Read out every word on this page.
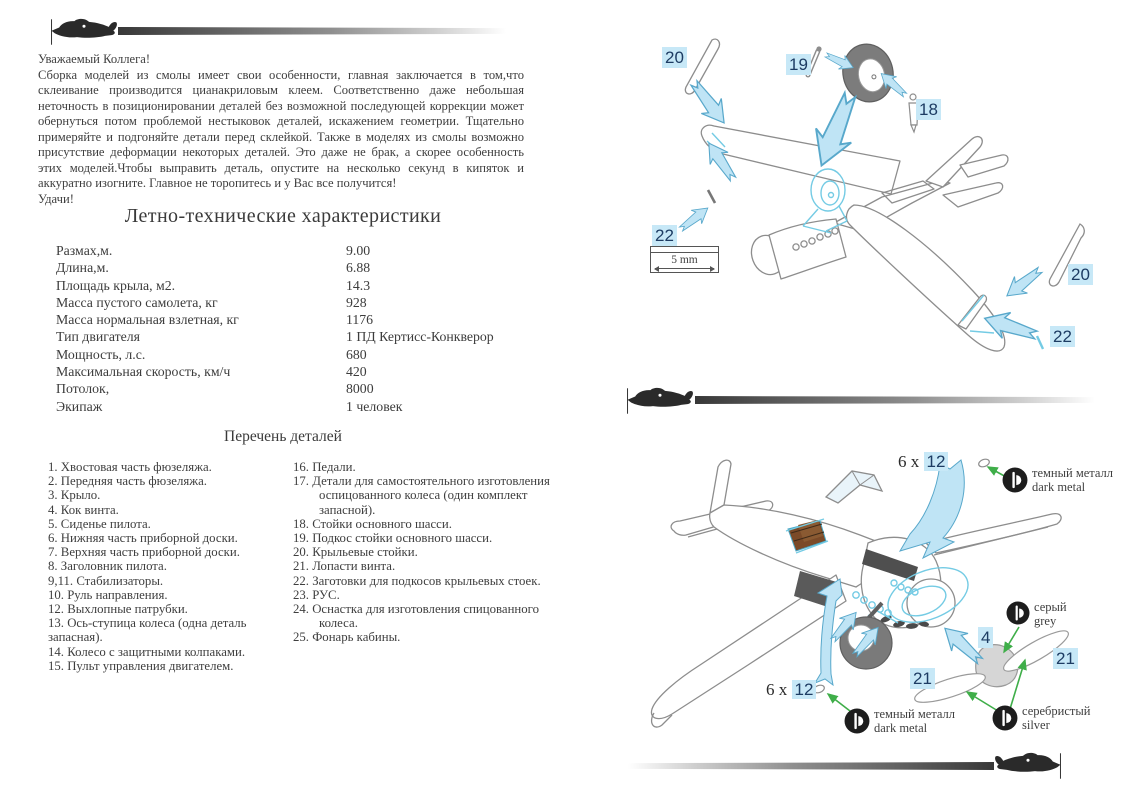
Уважаемый Коллега!
Сборка моделей из смолы имеет свои особенности, главная заключается в том,что склеивание производится цианакриловым клеем. Соответственно даже небольшая неточность в позиционировании деталей без возможной последующей коррекции может обернуться потом проблемой нестыковок деталей, искажением геометрии. Тщательно примеряйте и подгоняйте детали перед склейкой. Также в моделях из смолы возможно присутствие деформации некоторых деталей. Это даже не брак, а скорее особенность этих моделей.Чтобы выправить деталь, опустите на несколько секунд в кипяток и аккуратно изогните. Главное не торопитесь и у Вас все получится!
Удачи!
Летно-технические характеристики
Размах,м.	9.00
Длина,м.	6.88
Площадь крыла, м2.	14.3
Масса пустого самолета, кг	928
Масса нормальная взлетная, кг	1176
Тип двигателя	1 ПД Кертисс-Конкверор
Мощность, л.с.	680
Максимальная скорость, км/ч	420
Потолок,	8000
Экипаж	1 человек
Перечень деталей
1. Хвостовая часть фюзеляжа.
2. Передняя часть фюзеляжа.
3. Крыло.
4. Кок винта.
5. Сиденье пилота.
6. Нижняя часть приборной доски.
7. Верхняя часть приборной доски.
8. Заголовник пилота.
9,11. Стабилизаторы.
10. Руль направления.
12. Выхлопные патрубки.
13. Ось-ступица колеса (одна деталь запасная).
14. Колесо с защитными колпаками.
15. Пульт управления двигателем.
16. Педали.
17. Детали для самостоятельного изготовления оспицованного колеса (один комплект запасной).
18. Стойки основного шасси.
19. Подкос стойки основного шасси.
20. Крыльевые стойки.
21. Лопасти винта.
22. Заготовки для подкосов крыльевых стоек.
23. РУС.
24. Оснастка для изготовления спицованного колеса.
25. Фонарь кабины.
20	19
18
22
20
22
5 mm
6 x 12
6 x 12
4
21
21
темный металл
dark metal
серый
grey
темный металл
dark metal
серебристый
silver
